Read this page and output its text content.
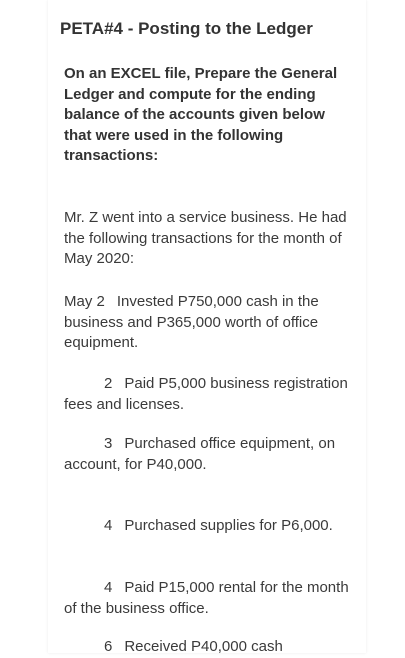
PETA#4 - Posting to the Ledger
On an EXCEL file, Prepare the General Ledger and compute for the ending balance of the accounts given below that were used in the following transactions:
Mr. Z went into a service business. He had the following transactions for the month of May 2020:
May 2 Invested P750,000 cash in the business and P365,000 worth of office equipment.
2 Paid P5,000 business registration fees and licenses.
3 Purchased office equipment, on account, for P40,000.
4 Purchased supplies for P6,000.
4 Paid P15,000 rental for the month of the business office.
6 Received P40,000 cash
